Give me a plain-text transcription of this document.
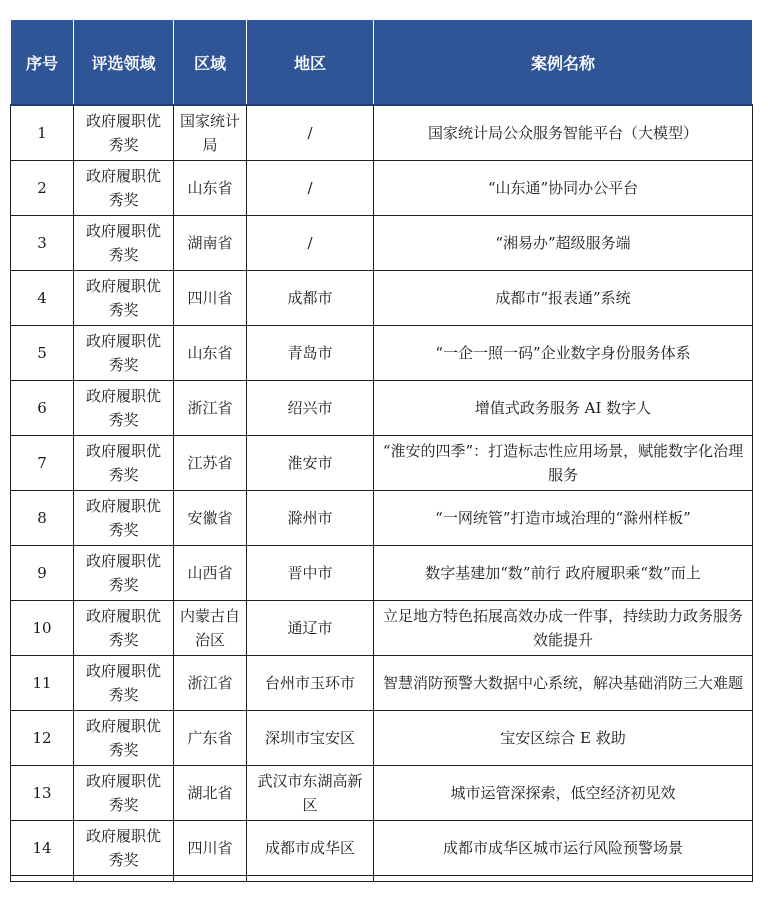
序号	评选领域	区域	地区	案例名称
1	政府履职优秀奖	国家统计局	/	国家统计局公众服务智能平台（大模型）
2	政府履职优秀奖	山东省	/	“山东通”协同办公平台
3	政府履职优秀奖	湖南省	/	“湘易办”超级服务端
4	政府履职优秀奖	四川省	成都市	成都市“报表通”系统
5	政府履职优秀奖	山东省	青岛市	“一企一照一码”企业数字身份服务体系
6	政府履职优秀奖	浙江省	绍兴市	增值式政务服务 AI 数字人
7	政府履职优秀奖	江苏省	淮安市	“淮安的四季”：打造标志性应用场景，赋能数字化治理服务
8	政府履职优秀奖	安徽省	滁州市	“一网统管”打造市域治理的“滁州样板”
9	政府履职优秀奖	山西省	晋中市	数字基建加“数”前行 政府履职乘“数”而上
10	政府履职优秀奖	内蒙古自治区	通辽市	立足地方特色拓展高效办成一件事，持续助力政务服务效能提升
11	政府履职优秀奖	浙江省	台州市玉环市	智慧消防预警大数据中心系统，解决基础消防三大难题
12	政府履职优秀奖	广东省	深圳市宝安区	宝安区综合 E 救助
13	政府履职优秀奖	湖北省	武汉市东湖高新区	城市运管深探索，低空经济初见效
14	政府履职优秀奖	四川省	成都市成华区	成都市成华区城市运行风险预警场景
